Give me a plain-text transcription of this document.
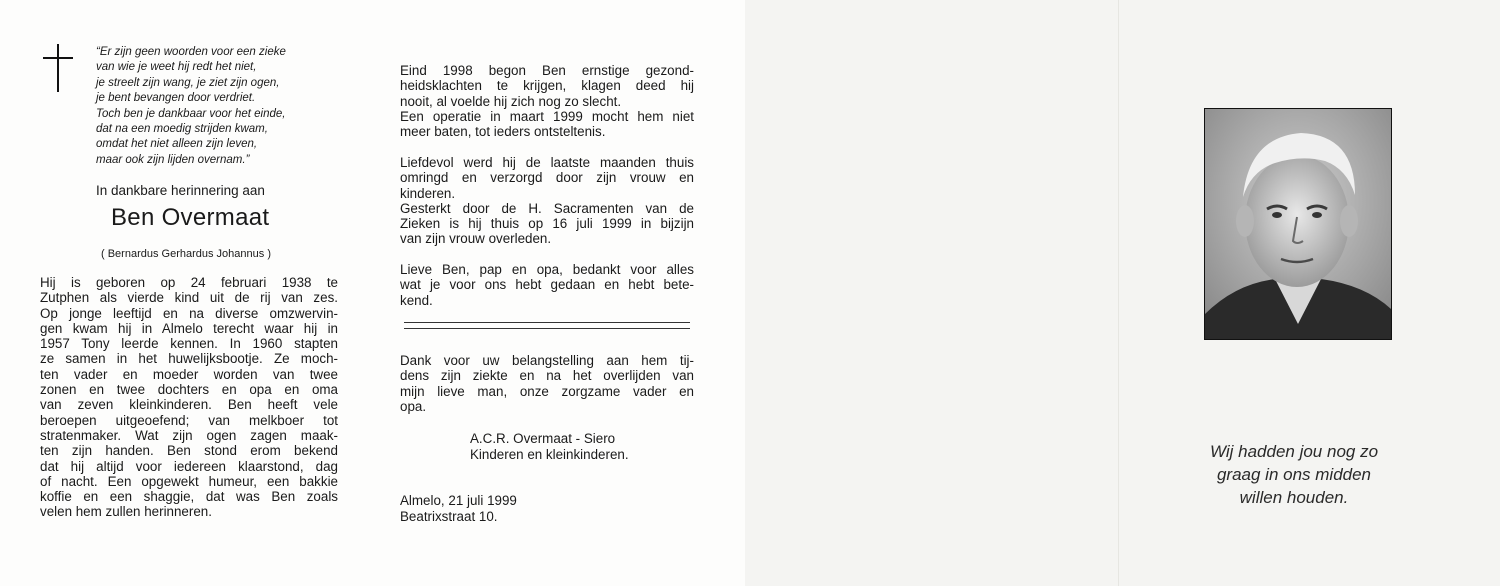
“Er zijn geen woorden voor een zieke
van wie je weet hij redt het niet,
je streelt zijn wang, je ziet zijn ogen,
je bent bevangen door verdriet.
Toch ben je dankbaar voor het einde,
dat na een moedig strijden kwam,
omdat het niet alleen zijn leven,
maar ook zijn lijden overnam.”
In dankbare herinnering aan
Ben Overmaat
( Bernardus Gerhardus Johannus )
Hij is geboren op 24 februari 1938 te
Zutphen als vierde kind uit de rij van zes.
Op jonge leeftijd en na diverse omzwervin-
gen kwam hij in Almelo terecht waar hij in
1957 Tony leerde kennen. In 1960 stapten
ze samen in het huwelijksbootje. Ze moch-
ten vader en moeder worden van twee
zonen en twee dochters en opa en oma
van zeven kleinkinderen. Ben heeft vele
beroepen uitgeoefend; van melkboer tot
stratenmaker. Wat zijn ogen zagen maak-
ten zijn handen. Ben stond erom bekend
dat hij altijd voor iedereen klaarstond, dag
of nacht. Een opgewekt humeur, een bakkie
koffie en een shaggie, dat was Ben zoals
velen hem zullen herinneren.
Eind 1998 begon Ben ernstige gezond-
heidsklachten te krijgen, klagen deed hij
nooit, al voelde hij zich nog zo slecht.
Een operatie in maart 1999 mocht hem niet
meer baten, tot ieders ontsteltenis.
Liefdevol werd hij de laatste maanden thuis
omringd en verzorgd door zijn vrouw en
kinderen.
Gesterkt door de H. Sacramenten van de
Zieken is hij thuis op 16 juli 1999 in bijzijn
van zijn vrouw overleden.
Lieve Ben, pap en opa, bedankt voor alles
wat je voor ons hebt gedaan en hebt bete-
kend.
Dank voor uw belangstelling aan hem tij-
dens zijn ziekte en na het overlijden van
mijn lieve man, onze zorgzame vader en
opa.
A.C.R. Overmaat - Siero
Kinderen en kleinkinderen.
Almelo, 21 juli 1999
Beatrixstraat 10.
Wij hadden jou nog zo
graag in ons midden
willen houden.
